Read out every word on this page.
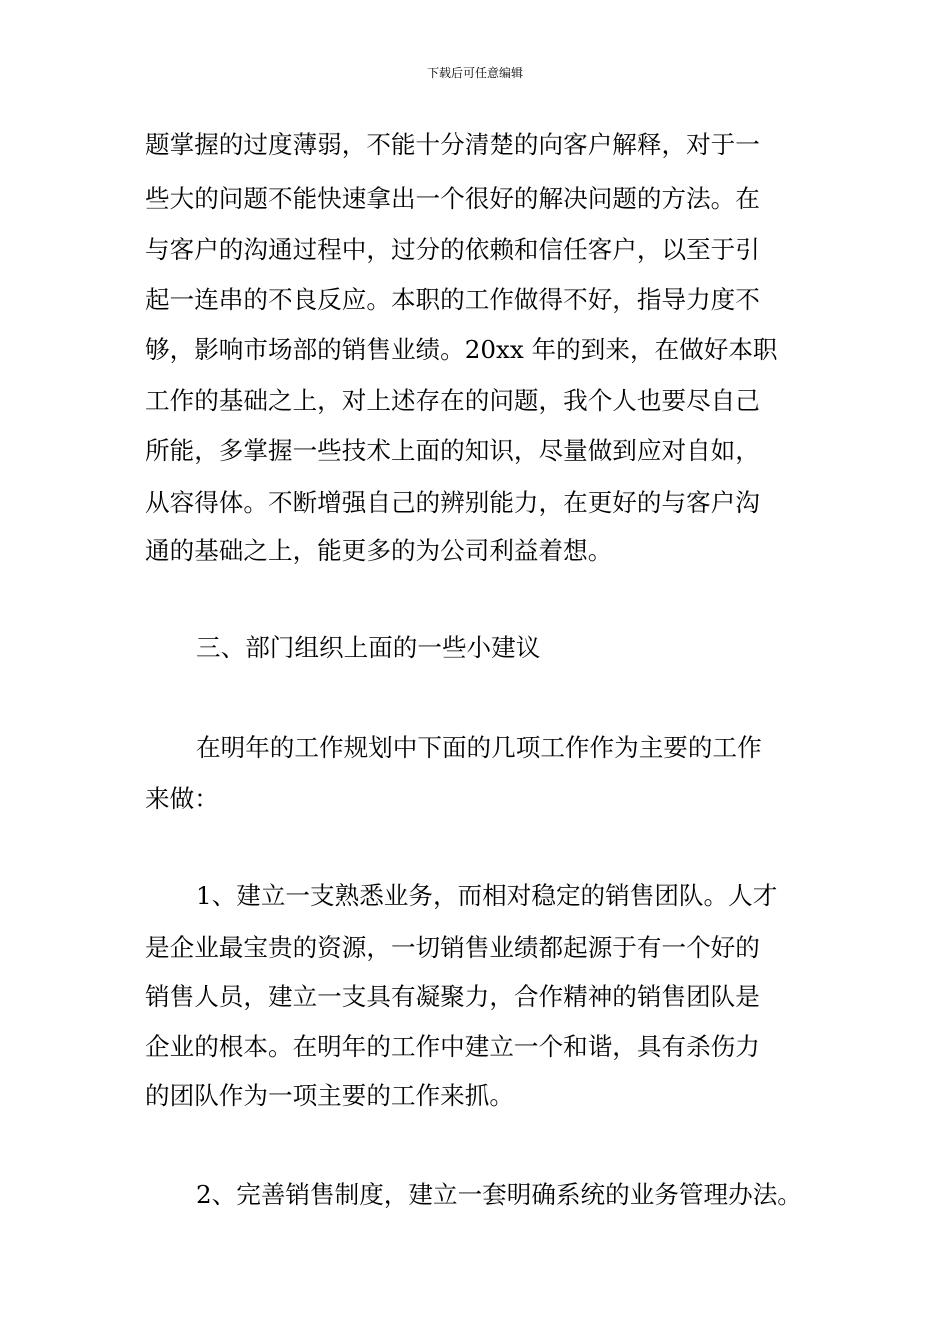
下载后可任意编辑
题掌握的过度薄弱，不能十分清楚的向客户解释，对于一
些大的问题不能快速拿出一个很好的解决问题的方法。在
与客户的沟通过程中，过分的依赖和信任客户，以至于引
起一连串的不良反应。本职的工作做得不好，指导力度不
够，影响市场部的销售业绩。20xx 年的到来，在做好本职
工作的基础之上，对上述存在的问题，我个人也要尽自己
所能，多掌握一些技术上面的知识，尽量做到应对自如，
从容得体。不断增强自己的辨别能力，在更好的与客户沟
通的基础之上，能更多的为公司利益着想。
三、部门组织上面的一些小建议
在明年的工作规划中下面的几项工作作为主要的工作
来做：
1、建立一支熟悉业务，而相对稳定的销售团队。人才
是企业最宝贵的资源，一切销售业绩都起源于有一个好的
销售人员，建立一支具有凝聚力，合作精神的销售团队是
企业的根本。在明年的工作中建立一个和谐，具有杀伤力
的团队作为一项主要的工作来抓。
2、完善销售制度，建立一套明确系统的业务管理办法。
